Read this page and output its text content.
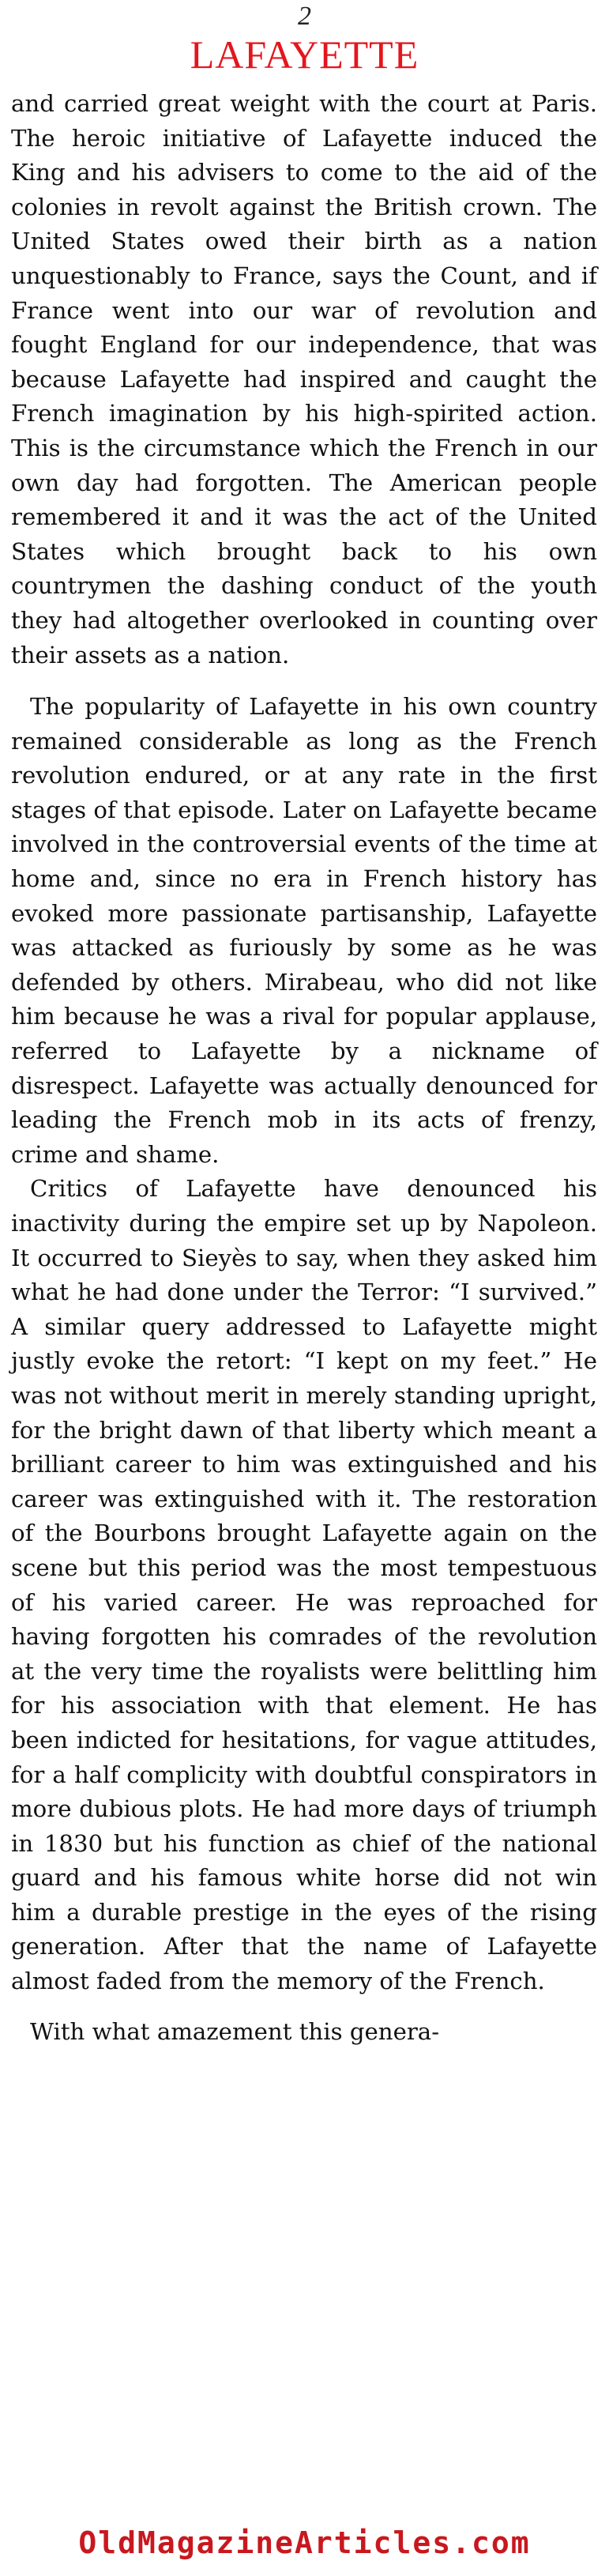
2
LAFAYETTE

and carried great weight with the court at Paris. The heroic initiative of Lafayette induced the King and his advisers to come to the aid of the colonies in revolt against the British crown. The United States owed their birth as a nation unquestionably to France, says the Count, and if France went into our war of revolution and fought England for our independence, that was because Lafayette had inspired and caught the French imagination by his high-spirited action. This is the circumstance which the French in our own day had forgotten. The American people remembered it and it was the act of the United States which brought back to his own countrymen the dashing conduct of the youth they had altogether overlooked in counting over their assets as a nation.

The popularity of Lafayette in his own country remained considerable as long as the French revolution endured, or at any rate in the first stages of that episode. Later on Lafayette became involved in the controversial events of the time at home and, since no era in French history has evoked more passionate partisanship, Lafayette was attacked as furiously by some as he was defended by others. Mirabeau, who did not like him because he was a rival for popular applause, referred to Lafayette by a nickname of disrespect. Lafayette was actually denounced for leading the French mob in its acts of frenzy, crime and shame.

Critics of Lafayette have denounced his inactivity during the empire set up by Napoleon. It occurred to Sieyès to say, when they asked him what he had done under the Terror: “I survived.” A similar query addressed to Lafayette might justly evoke the retort: “I kept on my feet.” He was not without merit in merely standing upright, for the bright dawn of that liberty which meant a brilliant career to him was extinguished and his career was extinguished with it. The restoration of the Bourbons brought Lafayette again on the scene but this period was the most tempestuous of his varied career. He was reproached for having forgotten his comrades of the revolution at the very time the royalists were belittling him for his association with that element. He has been indicted for hesitations, for vague attitudes, for a half complicity with doubtful conspirators in more dubious plots. He had more days of triumph in 1830 but his function as chief of the national guard and his famous white horse did not win him a durable prestige in the eyes of the rising generation. After that the name of Lafayette almost faded from the memory of the French.

With what amazement this genera-

OldMagazineArticles.com
